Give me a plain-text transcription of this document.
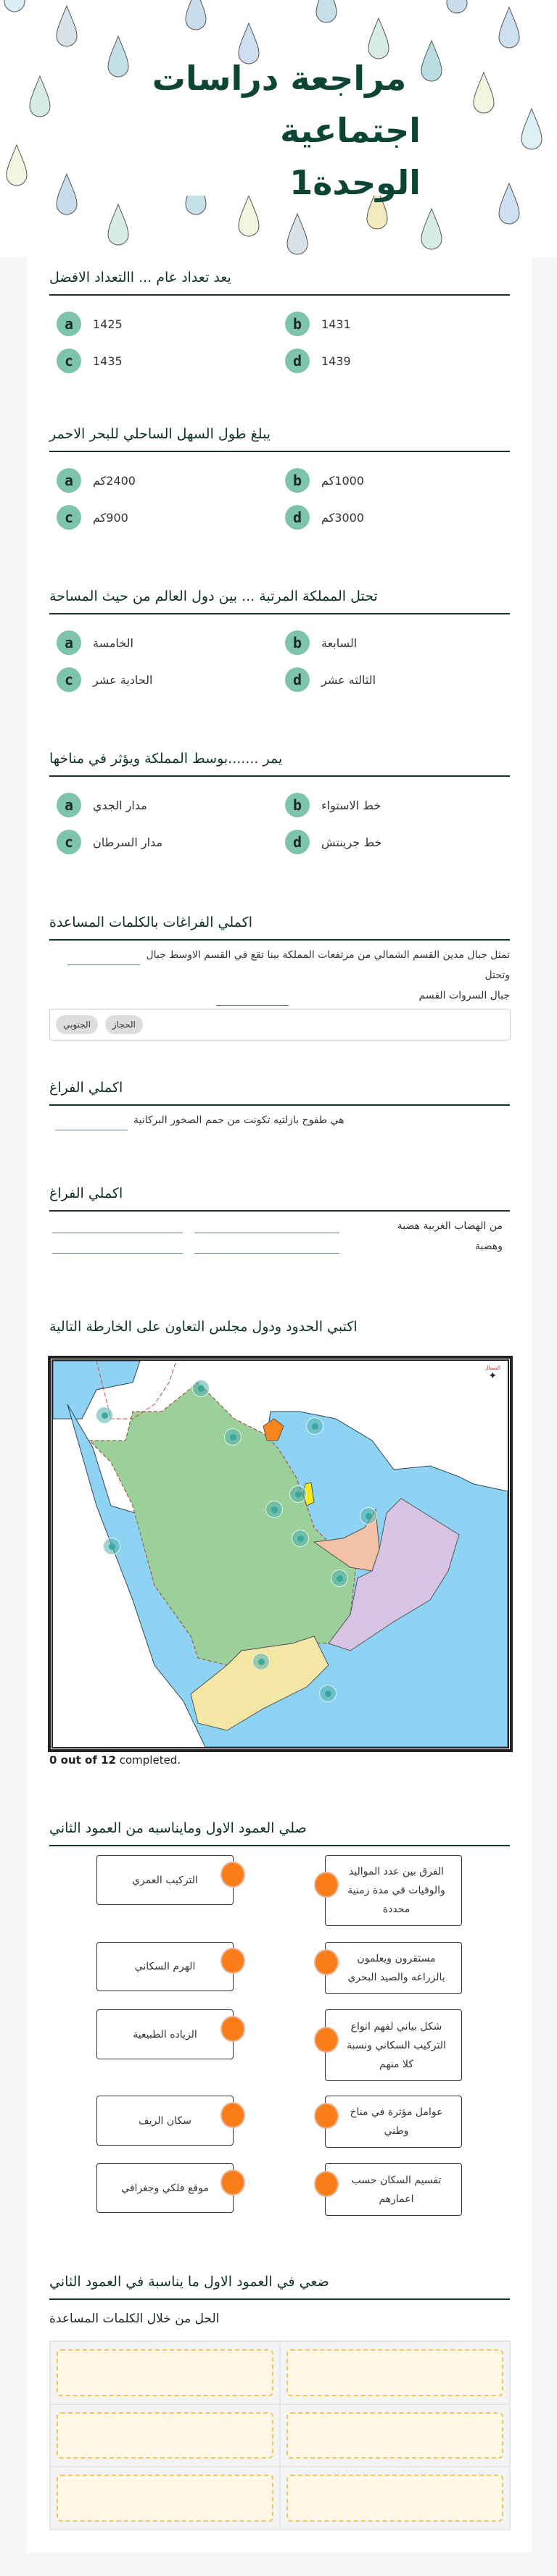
مراجعة دراسات
اجتماعية الوحدة1
يعد تعداد عام ... االتعداد الافضل
a	1425	b	1431
c	1435	d	1439
يبلغ طول السهل الساحلي للبحر الاحمر
a	2400كم	b	1000كم
c	900كم	d	3000كم
تحتل المملكة المرتبة ... بين دول العالم من حيث المساحة
a	الخامسة	b	السابعة
c	الحادية عشر	d	الثالثه عشر
يمر .......بوسط المملكة ويؤثر في مناخها
a	مدار الجدي	b	خط الاستواء
c	مدار السرطان	d	خط جرينتش
اكملي الفراغات بالكلمات المساعدة
تمثل جبال مدين القسم الشمالي من مرتفعات المملكة بينا تقع في القسم الاوسط جبالوتحتل
جبال السروات القسم
الجنوبي	الحجاز
اكملي الفراغ
هي طفوح بازلتيه تكونت من حمم الصخور البركانية
اكملي الفراغ
من الهضاب الغربية هضبة
وهضبة
اكتبي الحدود ودول مجلس التعاون على الخارطة التالية
الشمال
✦
0 out of 12 completed.
صلي العمود الاول ومايناسبه من العمود الثاني
التركيب العمري
الفرق بين عدد المواليد والوفيات في مدة زمنية محددة
الهرم السكاني
مستقرون ويعلمون بالزراعه والصيد البحري
الزياده الطبيعية
شكل بياني لفهم انواع التركيب السكاني ونسبة كلا منهم
سكان الريف
عوامل مؤثرة في مناخ وطني
موقع فلكي وجغرافي
تقسيم السكان حسب اعمارهم
ضعي في العمود الاول ما يناسبة في العمود الثاني
الحل من خلال الكلمات المساعدة
